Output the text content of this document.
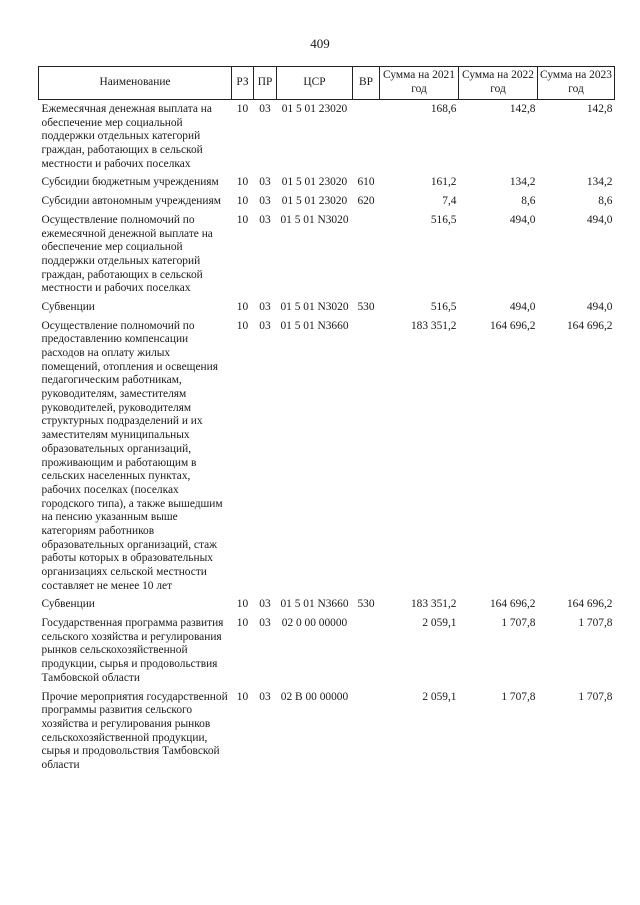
409
Наименование	РЗ	ПР	ЦСР	ВР	Сумма на 2021 год	Сумма на 2022 год	Сумма на 2023 год

Ежемесячная денежная выплата на обеспечение мер социальной поддержки отдельных категорий граждан, работающих в сельской местности и рабочих поселках	10	03	01 5 01 23020		168,6	142,8	142,8
Субсидии бюджетным учреждениям	10	03	01 5 01 23020	610	161,2	134,2	134,2
Субсидии автономным учреждениям	10	03	01 5 01 23020	620	7,4	8,6	8,6
Осуществление полномочий по ежемесячной денежной выплате на обеспечение мер социальной поддержки отдельных категорий граждан, работающих в сельской местности и рабочих поселках	10	03	01 5 01 N3020		516,5	494,0	494,0
Субвенции	10	03	01 5 01 N3020	530	516,5	494,0	494,0
Осуществление полномочий по предоставлению компенсации расходов на оплату жилых помещений, отопления и освещения педагогическим работникам, руководителям, заместителям руководителей, руководителям структурных подразделений и их заместителям муниципальных образовательных организаций, проживающим и работающим в сельских населенных пунктах, рабочих поселках (поселках городского типа), а также вышедшим на пенсию указанным выше категориям работников образовательных организаций, стаж работы которых в образовательных организациях сельской местности составляет не менее 10 лет	10	03	01 5 01 N3660		183 351,2	164 696,2	164 696,2
Субвенции	10	03	01 5 01 N3660	530	183 351,2	164 696,2	164 696,2
Государственная программа развития сельского хозяйства и регулирования рынков сельскохозяйственной продукции, сырья и продовольствия Тамбовской области	10	03	02 0 00 00000		2 059,1	1 707,8	1 707,8
Прочие мероприятия государственной программы развития сельского хозяйства и регулирования рынков сельскохозяйственной продукции, сырья и продовольствия Тамбовской области	10	03	02 В 00 00000		2 059,1	1 707,8	1 707,8
